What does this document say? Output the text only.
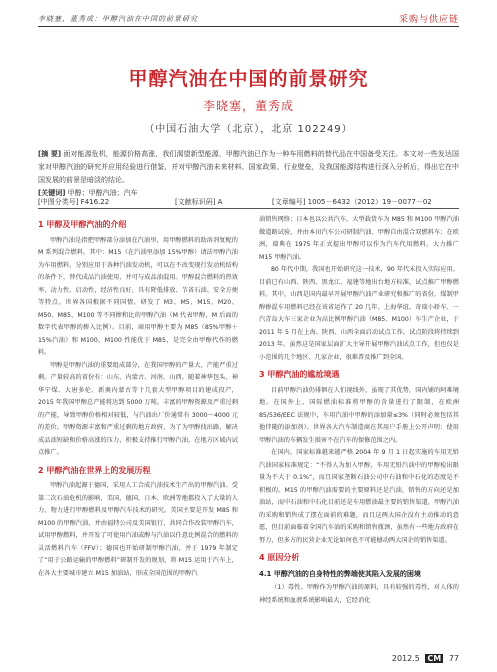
李晓塞，董秀成：甲醇汽油在中国的前景研究	采购与供应链
甲醇汽油在中国的前景研究
李晓塞，董秀成
（中国石油大学（北京），北京 102249）
[摘 要] 面对能源危机，能源价格高涨，我们渴望新型能源，甲醇汽油已作为一种车用燃料的替代品在中国备受关注。本文对一些发达国家对甲醇汽油的研究并应用经验进行借鉴，并对甲醇汽油未来材料、国家政策、行业壁垒，及我国能源结构进行深入分析后，得出它在中国发展的前景是暗淡的结论。
[关键词] 甲醇；甲醇汽油；汽车
[中图分类号] F416.22	[文献标识码] A	[文章编号] 1005－6432（2012）19－0077－02
1 甲醇及甲醇汽油的介绍

甲醇汽油是指把甲醇部分添加在汽油里，用甲醇燃料的助溶剂复配的 M 系列混合燃料。其中：M15（在汽油里添加 15%甲醇）请法甲醇汽油为车用燃料，分别应用于各种汽油发动机，可以在不改变现行发动机结构的条件下，替代成品汽油使用，并可与成品油混用。甲醇混合燃料的热效率、动力性、启动性、经济性良好，具有降低排放、节省石油、安全方便等特点。世界各国根据不同国情，研发了 M3、M5、M15、M20、M50、M85、M100 等不同掺和比的甲醇汽油（M 代表甲醇，M 后面的数字代表甲醇的掺入比例）。目前，商用甲醇主要为 M85（85%甲醇＋15%汽油）和 M100，M100 性能优于 M85，是完全由甲醇代作的燃料。

甲醇是甲醇汽油的重要组成部分，在我国甲醇的产量大，产能严重过剩。产量较高的省份有：山东、内蒙古、河南、山西。随着神华包头、神华宁煤、大唐多伦、新奥内蒙古等十几套大型甲醇项目的建成投产，2015 年我国甲醇总产能将达到 5000 万吨。丰富的甲醇资源及严重过剩的产能，导致甲醇价格相对较低，与汽油出厂价通常有 3000～4000 元的差价。甲醇资源丰富和严重过剩的地方政府，为了为甲醇找出路，解决成品油短缺和价格高涨的压力，积极支持推行甲醇汽油，在地方区域内试点推广。

2 甲醇汽油在世界上的发展历程

甲醇汽油起源于德国，采用人工合成汽油技术生产出的甲醇汽油。受第二次石油危机的影响，美国、德国，日本、欧洲等地都投入了大量的人力、物力进行甲醇燃料及甲醇汽车技术的研究。美国主要是开发 M85 和 M100 的甲醇汽油，并由福特公司及美国银行，共同合作改装甲醇汽车，试用甲醇燃料，并开发了可使用汽油或醇与汽油以任意比例混合的燃料的灵活燃料汽车（FFV）；德国也开始研制甲醇汽油，并于 1979 年制定了“用于公路运输的甲醇燃料”研制开发的规划，将 M15 运用于汽车上，在各大主要城市建立 M15 加油站，形成全国范围的甲醇汽

油销售网络；日本也以公共汽车，大型载货车为 M85 和 M100 甲醇汽油做道路试验，并由本田汽车公司研制汽油、甲醇自由混合双燃料车；在欧洲，瑞典在 1975 年正式提出甲醇可以作为汽车代用燃料，大力推广 M15 甲醇汽油。

80 年代中期，我国也开始研究这一技术，90 年代末投入实际应用。目前已有山西、陕西、黑龙江、福建等地出台地方标准，试点推广甲醇燃料。其中，山西是国内最早开展甲醇汽油产业研究和推广的省份，煤制甲醇掺混车用燃料已经在该省运作了 20 几年。上海华谊、奇瑞小轿车、一汽青岛大车三家企业为高比例甲醇汽油（M85、M100）车生产企业，于 2011 年 5 月在上海、陕西、山西全面启动试点工作，试点阶段将持续到 2013 年。虽然这是国家层面扩大主导开展甲醇汽油试点工作，但也仅是小范围的几个地区、几家企业，很难普及推广到全国。

3 甲醇汽油的尴尬境遇

目前甲醇汽油仍徘徊在人们视线外，虽现了其优势，国内铺的阿难境地。在国外上，国际燃油标准将甲醇的含量进行了限制，在欧洲 85/536/EEC 法规中，车用汽油中甲醇的添加量≤3%（同时必须包括其他伴随的添加剂）。世界各大汽车制造商在其用户手册上公开声明：使用甲醇汽油的车辆发生损害不在汽车的保修范围之内。

在国内，国家标准越来越严格 2004 年 9 月 1 日起实施的车用无铅汽油国家标准规定：“不得人为加入甲醇，车用无铅汽油中的甲醇检出限量为不大于 0.1%”，而且国家垄断石油公司中石油和中石化的态度是不积极的。M15 的甲醇汽油需要的主要原料还是汽油，销售的方向还是加油站，而中石油和中石化目前还是车用燃油最主要的销售渠道，甲醇汽油的采购和销售成了摆在面前的难题，而且这两大国企没有主动推动的意愿，但目前面临着全国汽车油的采购和销售瓶颈，虽然有一些地方政府在努力，但多方的民营企业无论如何也不可能撼动两大国企的销售渠道。

4 原因分析
4.1 甲醇汽油的自身特性的弊端使其陷入发展的困境

（1）毒性。甲醇作为甲醇汽油的原料，具有较强的毒性，对人体的神经系统和血液系统影响最大，它经消化

2012.5 CM 77
